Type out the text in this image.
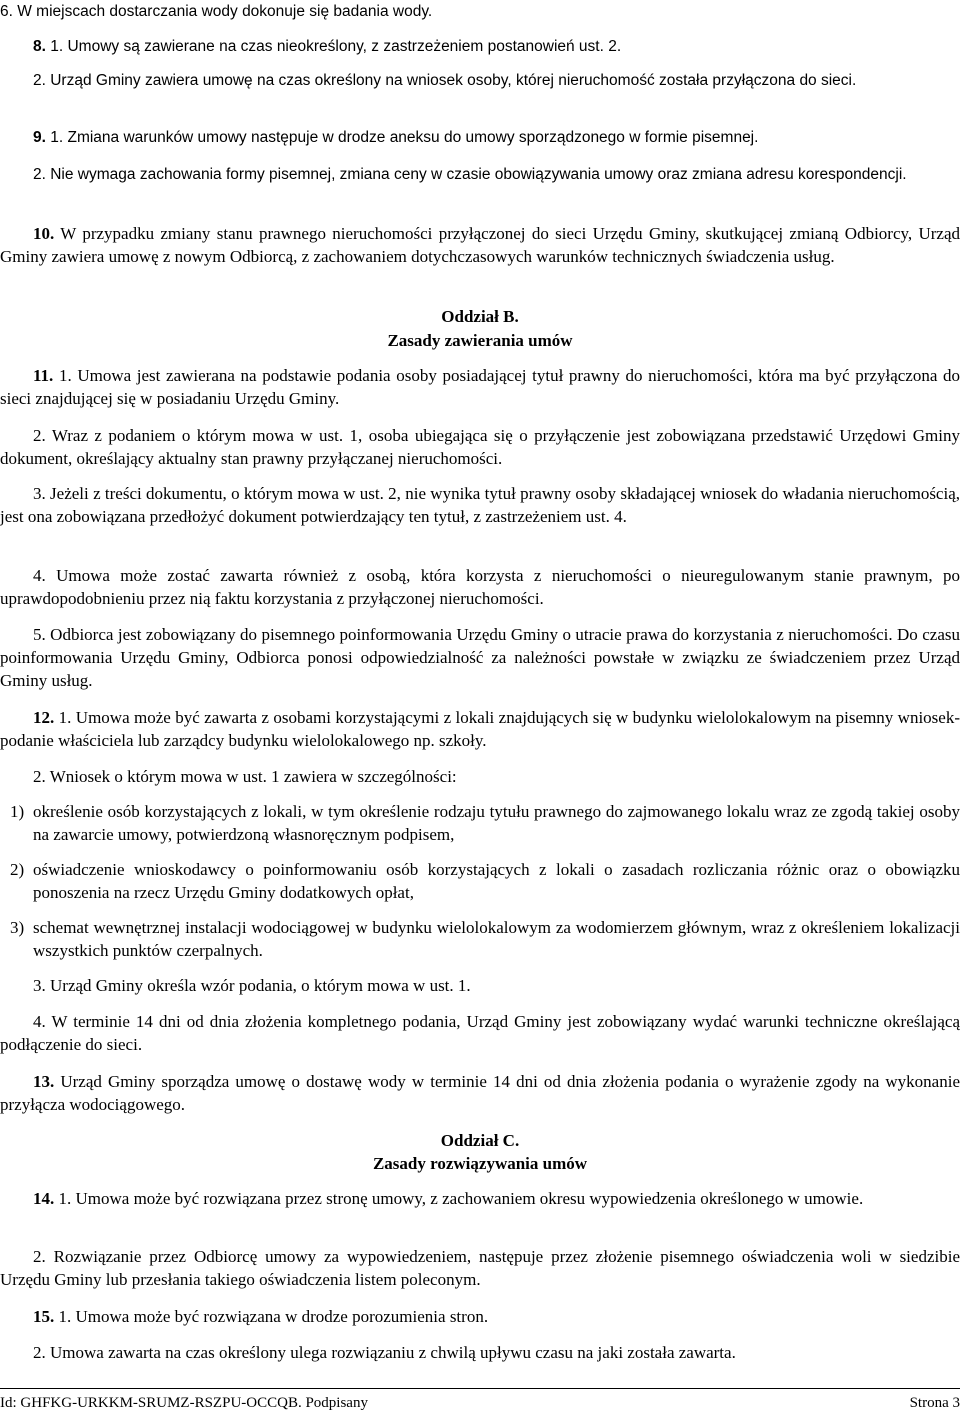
6. W miejscach dostarczania wody dokonuje się badania wody.
8. 1. Umowy są zawierane na czas nieokreślony, z zastrzeżeniem postanowień ust. 2.
2. Urząd Gminy zawiera umowę na czas określony na wniosek osoby, której nieruchomość została przyłączona do sieci.
9. 1. Zmiana warunków umowy następuje w drodze aneksu do umowy sporządzonego w formie pisemnej.
2. Nie wymaga zachowania formy pisemnej, zmiana ceny w czasie obowiązywania umowy oraz zmiana adresu korespondencji.
10. W przypadku zmiany stanu prawnego nieruchomości przyłączonej do sieci Urzędu Gminy, skutkującej zmianą Odbiorcy, Urząd Gminy zawiera umowę z nowym Odbiorcą, z zachowaniem dotychczasowych warunków technicznych świadczenia usług.
Oddział B.
Zasady zawierania umów
11. 1. Umowa jest zawierana na podstawie podania osoby posiadającej tytuł prawny do nieruchomości, która ma być przyłączona do sieci znajdującej się w posiadaniu Urzędu Gminy.
2. Wraz z podaniem o którym mowa w ust. 1, osoba ubiegająca się o przyłączenie jest zobowiązana przedstawić Urzędowi Gminy dokument, określający aktualny stan prawny przyłączanej nieruchomości.
3. Jeżeli z treści dokumentu, o którym mowa w ust. 2, nie wynika tytuł prawny osoby składającej wniosek do władania nieruchomością, jest ona zobowiązana przedłożyć dokument potwierdzający ten tytuł, z zastrzeżeniem ust. 4.
4. Umowa może zostać zawarta również z osobą, która korzysta z nieruchomości o nieuregulowanym stanie prawnym, po uprawdopodobnieniu przez nią faktu korzystania z przyłączonej nieruchomości.
5. Odbiorca jest zobowiązany do pisemnego poinformowania Urzędu Gminy o utracie prawa do korzystania z nieruchomości. Do czasu poinformowania Urzędu Gminy, Odbiorca ponosi odpowiedzialność za należności powstałe w związku ze świadczeniem przez Urząd Gminy usług.
12. 1. Umowa może być zawarta z osobami korzystającymi z lokali znajdujących się w budynku wielolokalowym na pisemny wniosek-podanie właściciela lub zarządcy budynku wielolokalowego np. szkoły.
2. Wniosek o którym mowa w ust. 1 zawiera w szczególności:
1) określenie osób korzystających z lokali, w tym określenie rodzaju tytułu prawnego do zajmowanego lokalu wraz ze zgodą takiej osoby na zawarcie umowy, potwierdzoną własnoręcznym podpisem,
2) oświadczenie wnioskodawcy o poinformowaniu osób korzystających z lokali o zasadach rozliczania różnic oraz o obowiązku ponoszenia na rzecz Urzędu Gminy dodatkowych opłat,
3) schemat wewnętrznej instalacji wodociągowej w budynku wielolokalowym za wodomierzem głównym, wraz z określeniem lokalizacji wszystkich punktów czerpalnych.
3. Urząd Gminy określa wzór podania, o którym mowa w ust. 1.
4. W terminie 14 dni od dnia złożenia kompletnego podania, Urząd Gminy jest zobowiązany wydać warunki techniczne określającą podłączenie do sieci.
13. Urząd Gminy sporządza umowę o dostawę wody w terminie 14 dni od dnia złożenia podania o wyrażenie zgody na wykonanie przyłącza wodociągowego.
Oddział C.
Zasady rozwiązywania umów
14. 1. Umowa może być rozwiązana przez stronę umowy, z zachowaniem okresu wypowiedzenia określonego w umowie.
2. Rozwiązanie przez Odbiorcę umowy za wypowiedzeniem, następuje przez złożenie pisemnego oświadczenia woli w siedzibie Urzędu Gminy lub przesłania takiego oświadczenia listem poleconym.
15. 1. Umowa może być rozwiązana w drodze porozumienia stron.
2. Umowa zawarta na czas określony ulega rozwiązaniu z chwilą upływu czasu na jaki została zawarta.
Id: GHFKG-URKKM-SRUMZ-RSZPU-OCCQB. Podpisany	Strona 3
